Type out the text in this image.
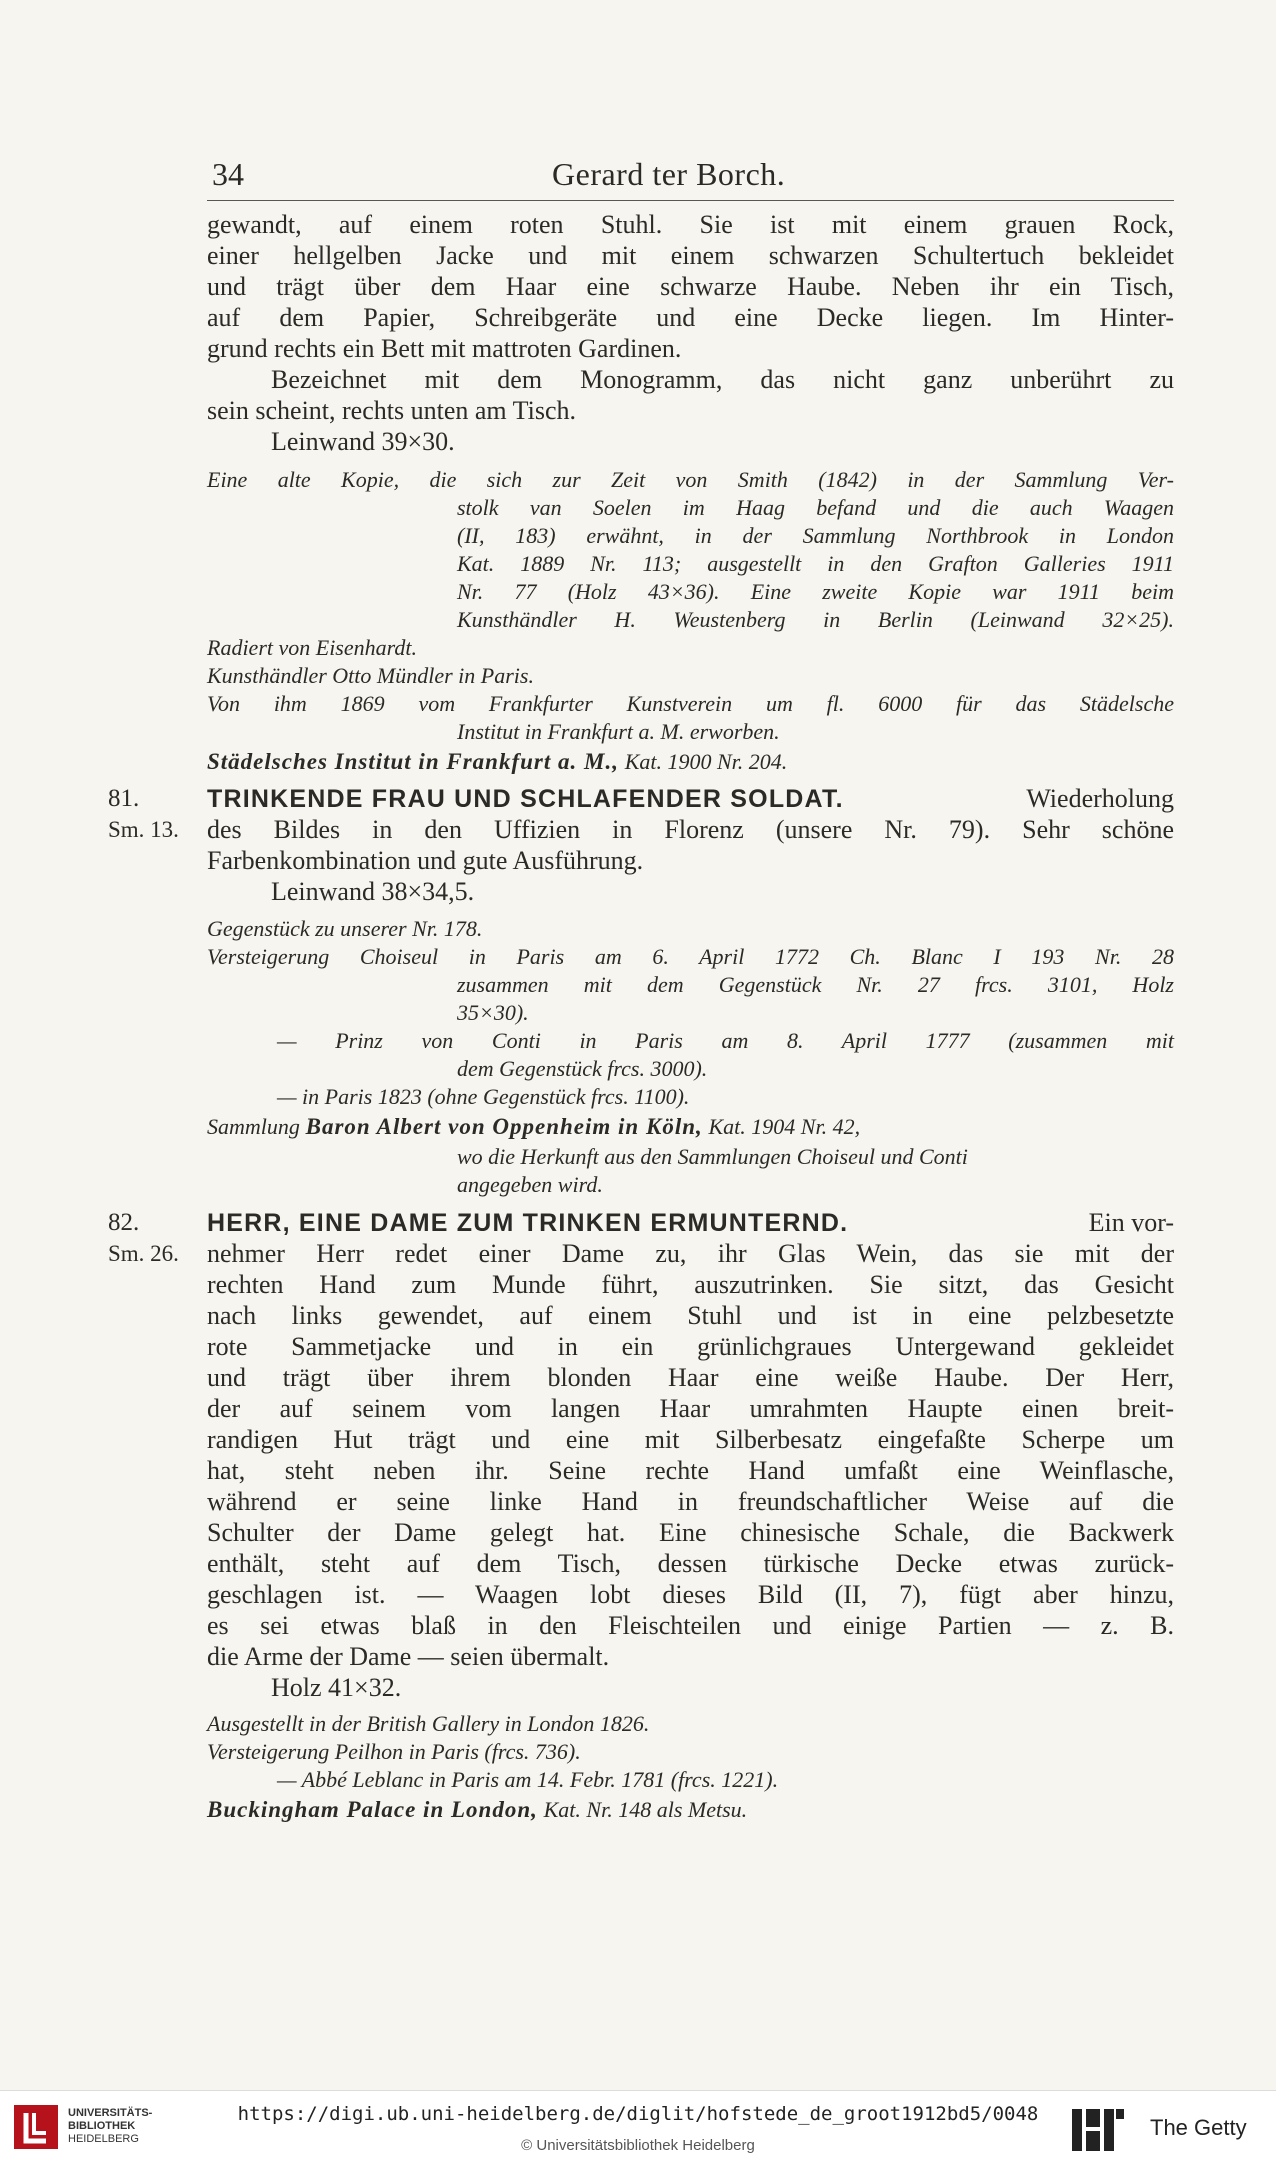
34	Gerard ter Borch.
gewandt, auf einem roten Stuhl. Sie ist mit einem grauen Rock,
einer hellgelben Jacke und mit einem schwarzen Schultertuch bekleidet
und trägt über dem Haar eine schwarze Haube. Neben ihr ein Tisch,
auf dem Papier, Schreibgeräte und eine Decke liegen. Im Hinter-
grund rechts ein Bett mit mattroten Gardinen.
Bezeichnet mit dem Monogramm, das nicht ganz unberührt zu
sein scheint, rechts unten am Tisch.
Leinwand 39×30.
Eine alte Kopie, die sich zur Zeit von Smith (1842) in der Sammlung Ver-
stolk van Soelen im Haag befand und die auch Waagen
(II, 183) erwähnt, in der Sammlung Northbrook in London
Kat. 1889 Nr. 113; ausgestellt in den Grafton Galleries 1911
Nr. 77 (Holz 43×36). Eine zweite Kopie war 1911 beim
Kunsthändler H. Weustenberg in Berlin (Leinwand 32×25).
Radiert von Eisenhardt.
Kunsthändler Otto Mündler in Paris.
Von ihm 1869 vom Frankfurter Kunstverein um fl. 6000 für das Städelsche
Institut in Frankfurt a. M. erworben.
Städelsches Institut in Frankfurt a. M., Kat. 1900 Nr. 204.
TRINKENDE FRAU UND SCHLAFENDER SOLDAT.	Wiederholung
des Bildes in den Uffizien in Florenz (unsere Nr. 79). Sehr schöne
Farbenkombination und gute Ausführung.
Leinwand 38×34,5.
Gegenstück zu unserer Nr. 178.
Versteigerung Choiseul in Paris am 6. April 1772 Ch. Blanc I 193 Nr. 28
zusammen mit dem Gegenstück Nr. 27 frcs. 3101, Holz
35×30).
— Prinz von Conti in Paris am 8. April 1777 (zusammen mit
dem Gegenstück frcs. 3000).
— in Paris 1823 (ohne Gegenstück frcs. 1100).
Sammlung Baron Albert von Oppenheim in Köln, Kat. 1904 Nr. 42,
wo die Herkunft aus den Sammlungen Choiseul und Conti
angegeben wird.
HERR, EINE DAME ZUM TRINKEN ERMUNTERND.	Ein vor-
nehmer Herr redet einer Dame zu, ihr Glas Wein, das sie mit der
rechten Hand zum Munde führt, auszutrinken. Sie sitzt, das Gesicht
nach links gewendet, auf einem Stuhl und ist in eine pelzbesetzte
rote Sammetjacke und in ein grünlichgraues Untergewand gekleidet
und trägt über ihrem blonden Haar eine weiße Haube. Der Herr,
der auf seinem vom langen Haar umrahmten Haupte einen breit-
randigen Hut trägt und eine mit Silberbesatz eingefaßte Scherpe um
hat, steht neben ihr. Seine rechte Hand umfaßt eine Weinflasche,
während er seine linke Hand in freundschaftlicher Weise auf die
Schulter der Dame gelegt hat. Eine chinesische Schale, die Backwerk
enthält, steht auf dem Tisch, dessen türkische Decke etwas zurück-
geschlagen ist. — Waagen lobt dieses Bild (II, 7), fügt aber hinzu,
es sei etwas blaß in den Fleischteilen und einige Partien — z. B.
die Arme der Dame — seien übermalt.
Holz 41×32.
Ausgestellt in der British Gallery in London 1826.
Versteigerung Peilhon in Paris (frcs. 736).
— Abbé Leblanc in Paris am 14. Febr. 1781 (frcs. 1221).
Buckingham Palace in London, Kat. Nr. 148 als Metsu.
81.
Sm. 13.
82.
Sm. 26.
UNIVERSITÄTS-
BIBLIOTHEK
HEIDELBERG
https://digi.ub.uni-heidelberg.de/diglit/hofstede_de_groot1912bd5/0048
© Universitätsbibliothek Heidelberg
The Getty
